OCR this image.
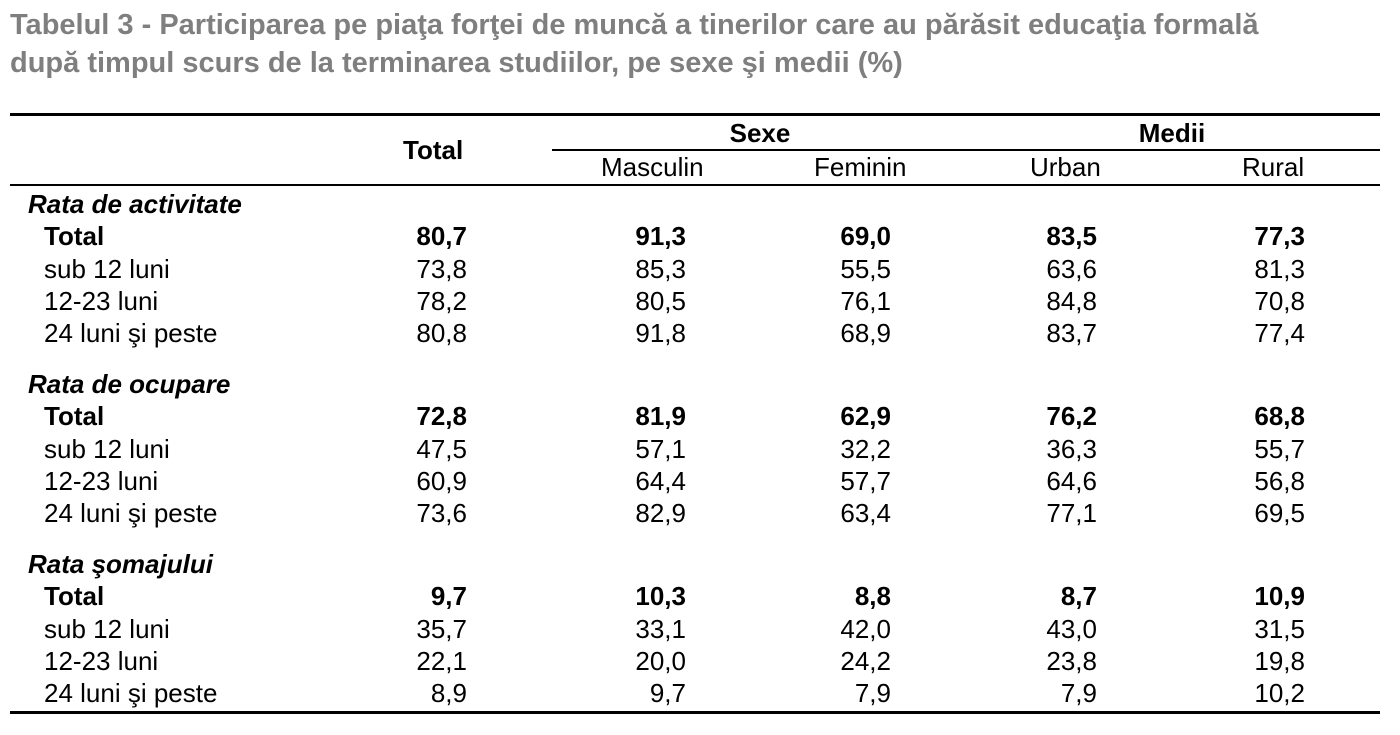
Tabelul 3 - Participarea pe piaţa forţei de muncă a tinerilor care au părăsit educaţia formală
după timpul scurs de la terminarea studiilor, pe sexe şi medii (%)
Total
Sexe	Medii
Masculin	Feminin	Urban	Rural
Rata de activitate
Total	80,7	91,3	69,0	83,5	77,3
sub 12 luni	73,8	85,3	55,5	63,6	81,3
12-23 luni	78,2	80,5	76,1	84,8	70,8
24 luni şi peste	80,8	91,8	68,9	83,7	77,4
Rata de ocupare
Total	72,8	81,9	62,9	76,2	68,8
sub 12 luni	47,5	57,1	32,2	36,3	55,7
12-23 luni	60,9	64,4	57,7	64,6	56,8
24 luni şi peste	73,6	82,9	63,4	77,1	69,5
Rata şomajului
Total	9,7	10,3	8,8	8,7	10,9
sub 12 luni	35,7	33,1	42,0	43,0	31,5
12-23 luni	22,1	20,0	24,2	23,8	19,8
24 luni şi peste	8,9	9,7	7,9	7,9	10,2
